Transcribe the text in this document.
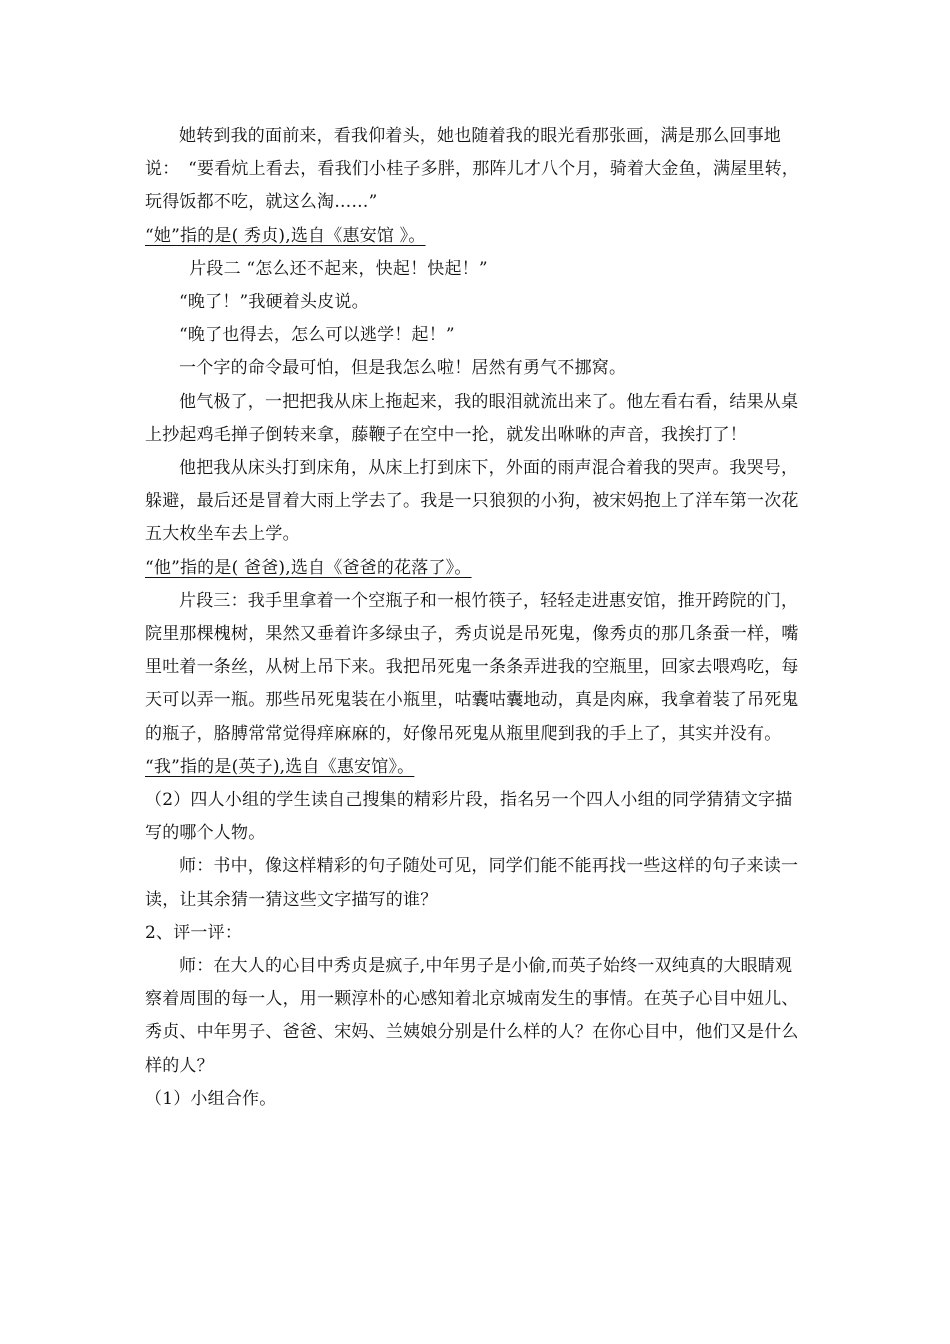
她转到我的面前来，看我仰着头，她也随着我的眼光看那张画，满是那么回事地说：　“要看炕上看去，看我们小桂子多胖，那阵儿才八个月，骑着大金鱼，满屋里转，玩得饭都不吃，就这么淘……”

“她”指的是( 秀贞),选自《惠安馆 》。

片段二 “怎么还不起来，快起！快起！”

“晚了！”我硬着头皮说。

“晚了也得去，怎么可以逃学！起！”

一个字的命令最可怕，但是我怎么啦！居然有勇气不挪窝。

他气极了，一把把我从床上拖起来，我的眼泪就流出来了。他左看右看，结果从桌上抄起鸡毛掸子倒转来拿，藤鞭子在空中一抡，就发出咻咻的声音，我挨打了！

他把我从床头打到床角，从床上打到床下，外面的雨声混合着我的哭声。我哭号，躲避，最后还是冒着大雨上学去了。我是一只狼狈的小狗，被宋妈抱上了洋车第一次花五大枚坐车去上学。

“他”指的是( 爸爸),选自《爸爸的花落了》。

片段三：我手里拿着一个空瓶子和一根竹筷子，轻轻走进惠安馆，推开跨院的门，院里那棵槐树，果然又垂着许多绿虫子，秀贞说是吊死鬼，像秀贞的那几条蚕一样，嘴里吐着一条丝，从树上吊下来。我把吊死鬼一条条弄进我的空瓶里，回家去喂鸡吃，每天可以弄一瓶。那些吊死鬼装在小瓶里，咕囊咕囊地动，真是肉麻，我拿着装了吊死鬼的瓶子，胳膊常常觉得痒麻麻的，好像吊死鬼从瓶里爬到我的手上了，其实并没有。

“我”指的是(英子),选自《惠安馆》。

（2）四人小组的学生读自己搜集的精彩片段，指名另一个四人小组的同学猜猜文字描写的哪个人物。

师：书中，像这样精彩的句子随处可见，同学们能不能再找一些这样的句子来读一读，让其余猜一猜这些文字描写的谁？

2、评一评：

师：在大人的心目中秀贞是疯子,中年男子是小偷,而英子始终一双纯真的大眼睛观察着周围的每一人，用一颗淳朴的心感知着北京城南发生的事情。在英子心目中妞儿、秀贞、中年男子、爸爸、宋妈、兰姨娘分别是什么样的人？在你心目中，他们又是什么样的人？

（1）小组合作。
